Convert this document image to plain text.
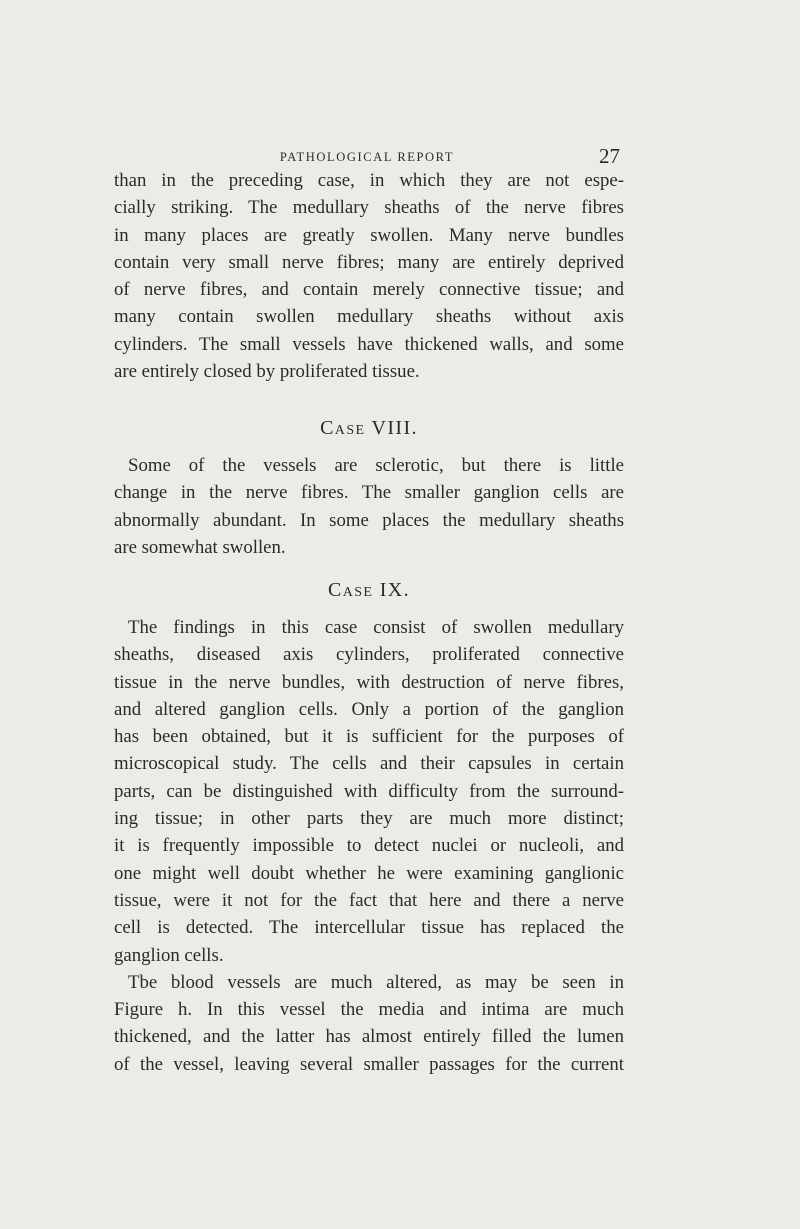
PATHOLOGICAL REPORT	27
than in the preceding case, in which they are not espe-
cially striking. The medullary sheaths of the nerve fibres
in many places are greatly swollen. Many nerve bundles
contain very small nerve fibres; many are entirely deprived
of nerve fibres, and contain merely connective tissue; and
many contain swollen medullary sheaths without axis
cylinders. The small vessels have thickened walls, and some
are entirely closed by proliferated tissue.
Case VIII.
Some of the vessels are sclerotic, but there is little
change in the nerve fibres. The smaller ganglion cells are
abnormally abundant. In some places the medullary sheaths
are somewhat swollen.
Case IX.
The findings in this case consist of swollen medullary
sheaths, diseased axis cylinders, proliferated connective
tissue in the nerve bundles, with destruction of nerve fibres,
and altered ganglion cells. Only a portion of the ganglion
has been obtained, but it is sufficient for the purposes of
microscopical study. The cells and their capsules in certain
parts, can be distinguished with difficulty from the surround-
ing tissue; in other parts they are much more distinct;
it is frequently impossible to detect nuclei or nucleoli, and
one might well doubt whether he were examining ganglionic
tissue, were it not for the fact that here and there a nerve
cell is detected. The intercellular tissue has replaced the
ganglion cells.
Tbe blood vessels are much altered, as may be seen in
Figure h. In this vessel the media and intima are much
thickened, and the latter has almost entirely filled the lumen
of the vessel, leaving several smaller passages for the current
